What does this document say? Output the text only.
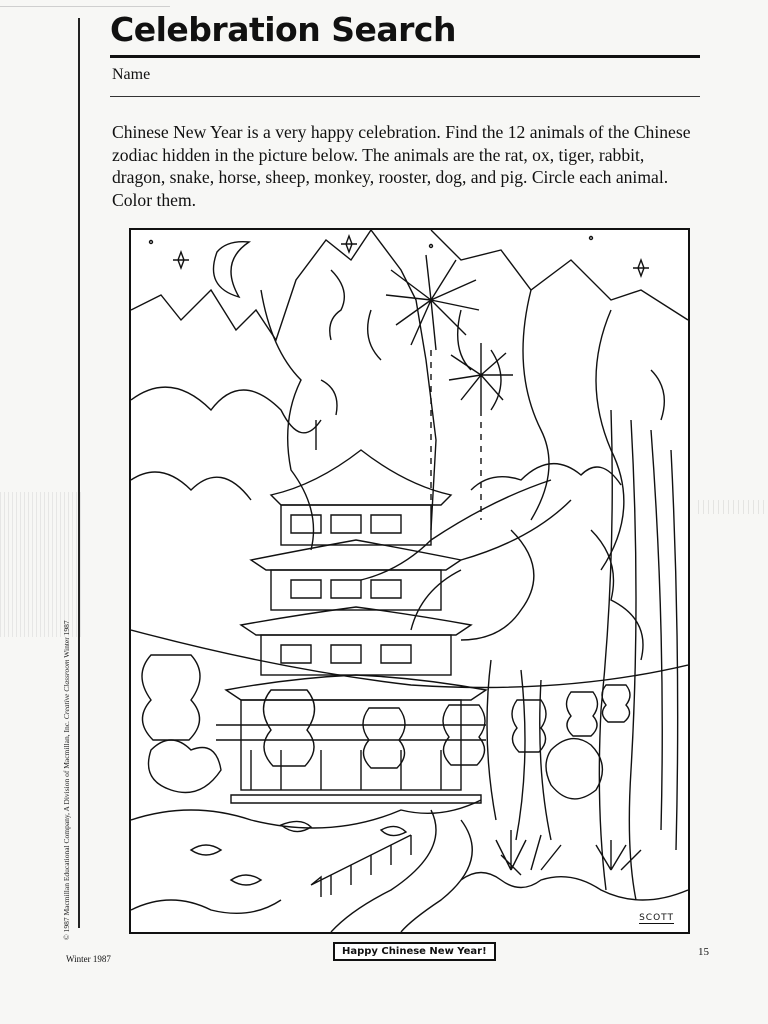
© 1987 Macmillan Educational Company, A Division of Macmillan, Inc. Creative Classroom Winter 1987
Celebration Search
Name

Chinese New Year is a very happy celebration. Find the 12 animals of the Chinese zodiac hidden in the picture below. The animals are the rat, ox, tiger, rabbit, dragon, snake, horse, sheep, monkey, rooster, dog, and pig. Circle each animal. Color them.

SCOTT
Winter 1987
Happy Chinese New Year!	15
